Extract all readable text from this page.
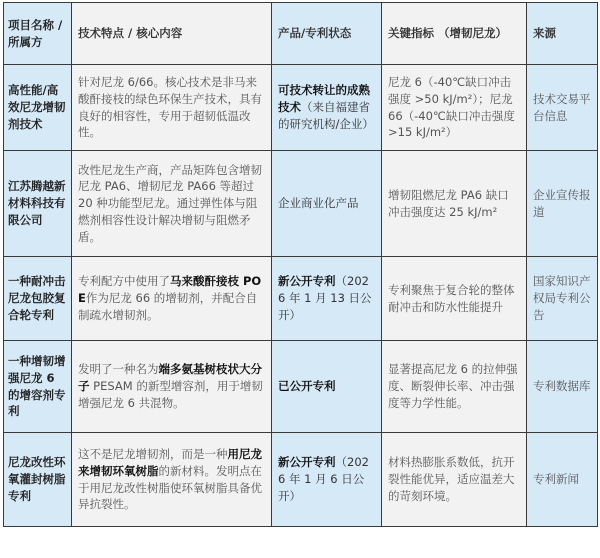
项目名称 / 所属方	技术特点 / 核心内容	产品/专利状态	关键指标 （增韧尼龙）	来源
高性能/高效尼龙增韧剂技术	针对尼龙 6/66。核心技术是非马来酸酐接枝的绿色环保生产技术，具有良好的相容性，专用于超韧低温改性。	可技术转让的成熟技术（来自福建省的研究机构/企业）	尼龙 6（-40℃缺口冲击强度 >50 kJ/m²）；尼龙 66（-40℃缺口冲击强度 >15 kJ/m²）	技术交易平台信息
江苏腾越新材料科技有限公司	改性尼龙生产商，产品矩阵包含增韧尼龙 PA6、增韧尼龙 PA66 等超过 20 种功能型尼龙。通过弹性体与阻燃剂相容性设计解决增韧与阻燃矛盾。	企业商业化产品	增韧阻燃尼龙 PA6 缺口冲击强度达 25 kJ/m²	企业宣传报道
一种耐冲击尼龙包胶复合轮专利	专利配方中使用了马来酸酐接枝 POE作为尼龙 66 的增韧剂，并配合自制疏水增韧剂。	新公开专利（2026 年 1 月 13 日公开）	专利聚焦于复合轮的整体耐冲击和防水性能提升	国家知识产权局专利公告
一种增韧增强尼龙 6 的增容剂专利	发明了一种名为端多氨基树枝状大分子 PESAM 的新型增容剂，用于增韧增强尼龙 6 共混物。	已公开专利	显著提高尼龙 6 的拉伸强度、断裂伸长率、冲击强度等力学性能。	专利数据库
尼龙改性环氧灌封树脂专利	这不是尼龙增韧剂，而是一种用尼龙来增韧环氧树脂的新材料。发明点在于用尼龙改性树脂使环氧树脂具备优异抗裂性。	新公开专利（2026 年 1 月 6 日公开）	材料热膨胀系数低，抗开裂性能优异，适应温差大的苛刻环境。	专利新闻
